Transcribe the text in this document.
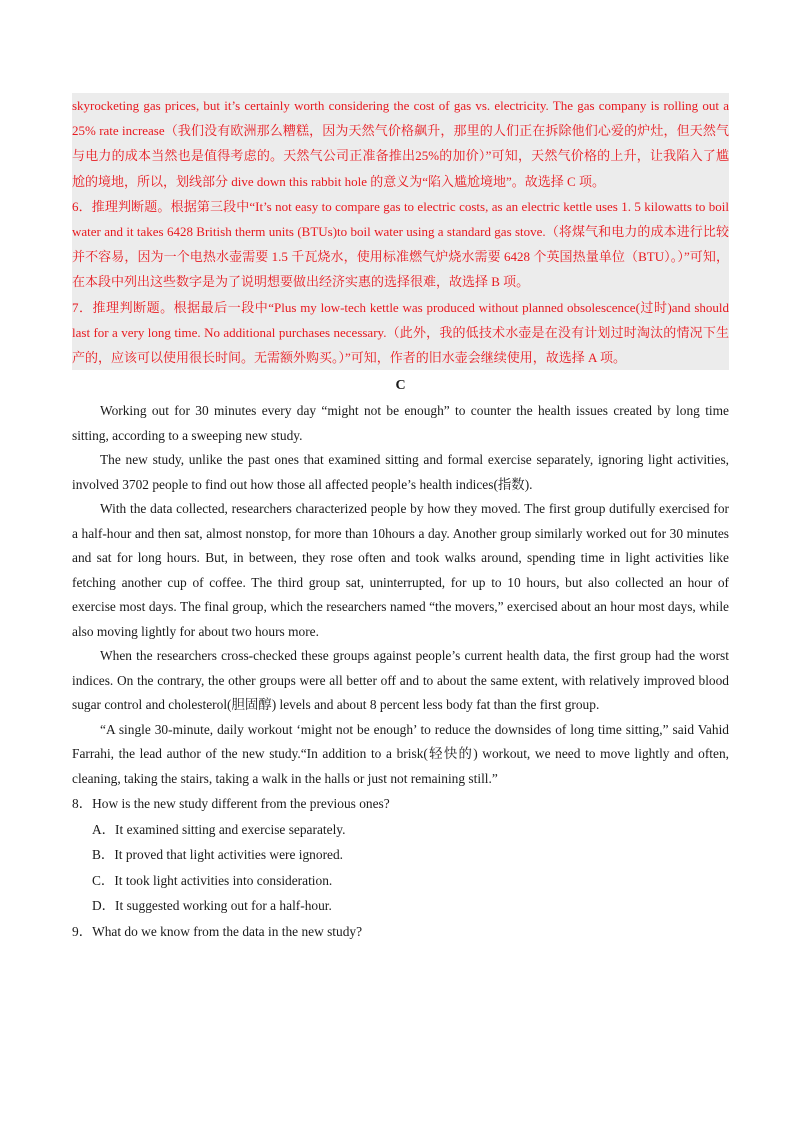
skyrocketing gas prices, but it’s certainly worth considering the cost of gas vs. electricity. The gas company is rolling out a 25% rate increase（我们没有欧洲那么糟糕，因为天然气价格飙升，那里的人们正在拆除他们心爱的炉灶，但天然气与电力的成本当然也是值得考虑的。天然气公司正准备推出25%的加价）”可知，天然气价格的上升，让我陷入了尴尬的境地，所以，划线部分 dive down this rabbit hole 的意义为“陷入尴尬境地”。故选择 C 项。

6．推理判断题。根据第三段中“It’s not easy to compare gas to electric costs, as an electric kettle uses 1. 5 kilowatts to boil water and it takes 6428 British therm units (BTUs)to boil water using a standard gas stove.（将煤气和电力的成本进行比较并不容易，因为一个电热水壶需要 1.5 千瓦烧水，使用标准燃气炉烧水需要 6428 个英国热量单位（BTU）。）”可知，在本段中列出这些数字是为了说明想要做出经济实惠的选择很难，故选择 B 项。

7．推理判断题。根据最后一段中“Plus my low-tech kettle was produced without planned obsolescence(过时)and should last for a very long time. No additional purchases necessary.（此外，我的低技术水壶是在没有计划过时淘汰的情况下生产的，应该可以使用很长时间。无需额外购买。）”可知，作者的旧水壶会继续使用，故选择 A 项。

C

Working out for 30 minutes every day “might not be enough” to counter the health issues created by long time sitting, according to a sweeping new study.

The new study, unlike the past ones that examined sitting and formal exercise separately, ignoring light activities, involved 3702 people to find out how those all affected people’s health indices(指数).

With the data collected, researchers characterized people by how they moved. The first group dutifully exercised for a half-hour and then sat, almost nonstop, for more than 10hours a day. Another group similarly worked out for 30 minutes and sat for long hours. But, in between, they rose often and took walks around, spending time in light activities like fetching another cup of coffee. The third group sat, uninterrupted, for up to 10 hours, but also collected an hour of exercise most days. The final group, which the researchers named “the movers,” exercised about an hour most days, while also moving lightly for about two hours more.

When the researchers cross-checked these groups against people’s current health data, the first group had the worst indices. On the contrary, the other groups were all better off and to about the same extent, with relatively improved blood sugar control and cholesterol(胆固醇) levels and about 8 percent less body fat than the first group.

“A single 30-minute, daily workout ‘might not be enough’ to reduce the downsides of long time sitting,” said Vahid Farrahi, the lead author of the new study.“In addition to a brisk(轻快的) workout, we need to move lightly and often, cleaning, taking the stairs, taking a walk in the halls or just not remaining still.”

8．How is the new study different from the previous ones?

A．It examined sitting and exercise separately.

B．It proved that light activities were ignored.

C．It took light activities into consideration.

D．It suggested working out for a half-hour.

9．What do we know from the data in the new study?
